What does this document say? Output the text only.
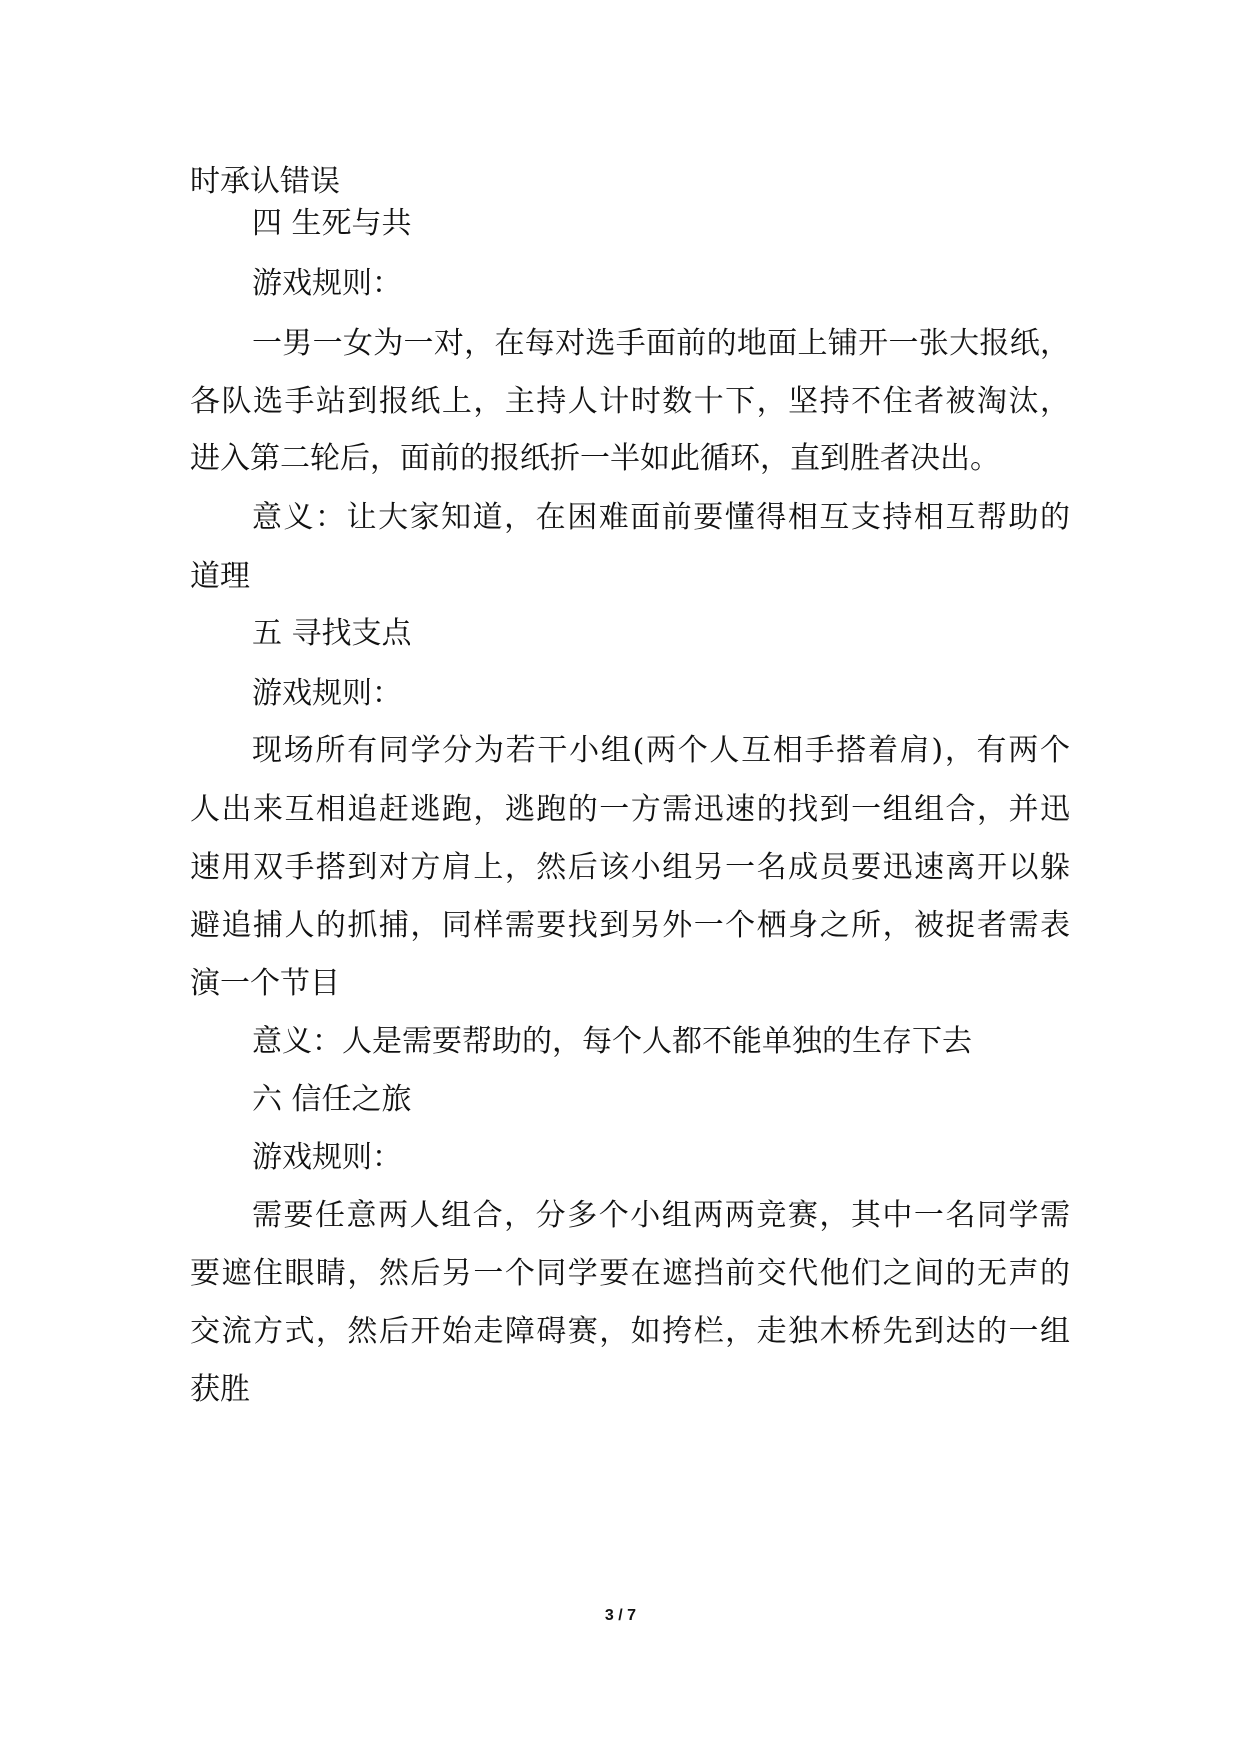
时承认错误
四 生死与共
游戏规则：
一男一女为一对，在每对选手面前的地面上铺开一张大报纸，
各队选手站到报纸上，主持人计时数十下，坚持不住者被淘汰，
进入第二轮后，面前的报纸折一半如此循环，直到胜者决出。
意义：让大家知道，在困难面前要懂得相互支持相互帮助的
道理
五 寻找支点
游戏规则：
现场所有同学分为若干小组(两个人互相手搭着肩)，有两个
人出来互相追赶逃跑，逃跑的一方需迅速的找到一组组合，并迅
速用双手搭到对方肩上，然后该小组另一名成员要迅速离开以躲
避追捕人的抓捕，同样需要找到另外一个栖身之所，被捉者需表
演一个节目
意义：人是需要帮助的，每个人都不能单独的生存下去
六 信任之旅
游戏规则：
需要任意两人组合，分多个小组两两竞赛，其中一名同学需
要遮住眼睛，然后另一个同学要在遮挡前交代他们之间的无声的
交流方式，然后开始走障碍赛，如挎栏，走独木桥先到达的一组
获胜
3 / 7
